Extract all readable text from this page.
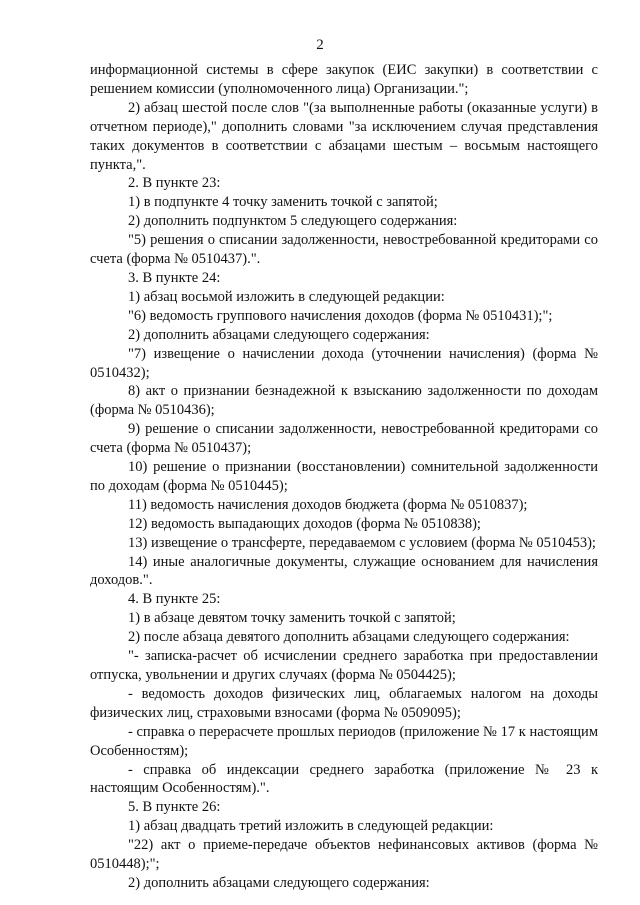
2

информационной системы в сфере закупок (ЕИС закупки) в соответствии с решением комиссии (уполномоченного лица) Организации.";

2) абзац шестой после слов "(за выполненные работы (оказанные услуги) в отчетном периоде)," дополнить словами "за исключением случая представления таких документов в соответствии с абзацами шестым – восьмым настоящего пункта,".

2. В пункте 23:

1) в подпункте 4 точку заменить точкой с запятой;

2) дополнить подпунктом 5 следующего содержания:

"5) решения о списании задолженности, невостребованной кредиторами со счета (форма № 0510437).".

3. В пункте 24:

1) абзац восьмой изложить в следующей редакции:

"6) ведомость группового начисления доходов (форма № 0510431);";

2) дополнить абзацами следующего содержания:

"7) извещение о начислении дохода (уточнении начисления) (форма № 0510432);

8) акт о признании безнадежной к взысканию задолженности по доходам (форма № 0510436);

9) решение о списании задолженности, невостребованной кредиторами со счета (форма № 0510437);

10) решение о признании (восстановлении) сомнительной задолженности по доходам (форма № 0510445);

11) ведомость начисления доходов бюджета (форма № 0510837);

12) ведомость выпадающих доходов (форма № 0510838);

13) извещение о трансферте, передаваемом с условием (форма № 0510453);

14) иные аналогичные документы, служащие основанием для начисления доходов.".

4. В пункте 25:

1) в абзаце девятом точку заменить точкой с запятой;

2) после абзаца девятого дополнить абзацами следующего содержания:

"- записка-расчет об исчислении среднего заработка при предоставлении отпуска, увольнении и других случаях (форма № 0504425);

- ведомость доходов физических лиц, облагаемых налогом на доходы физических лиц, страховыми взносами (форма № 0509095);

- справка о перерасчете прошлых периодов (приложение № 17 к настоящим Особенностям);

- справка об индексации среднего заработка (приложение № 23 к настоящим Особенностям).".

5. В пункте 26:

1) абзац двадцать третий изложить в следующей редакции:

"22) акт о приеме-передаче объектов нефинансовых активов (форма № 0510448);";

2) дополнить абзацами следующего содержания:
